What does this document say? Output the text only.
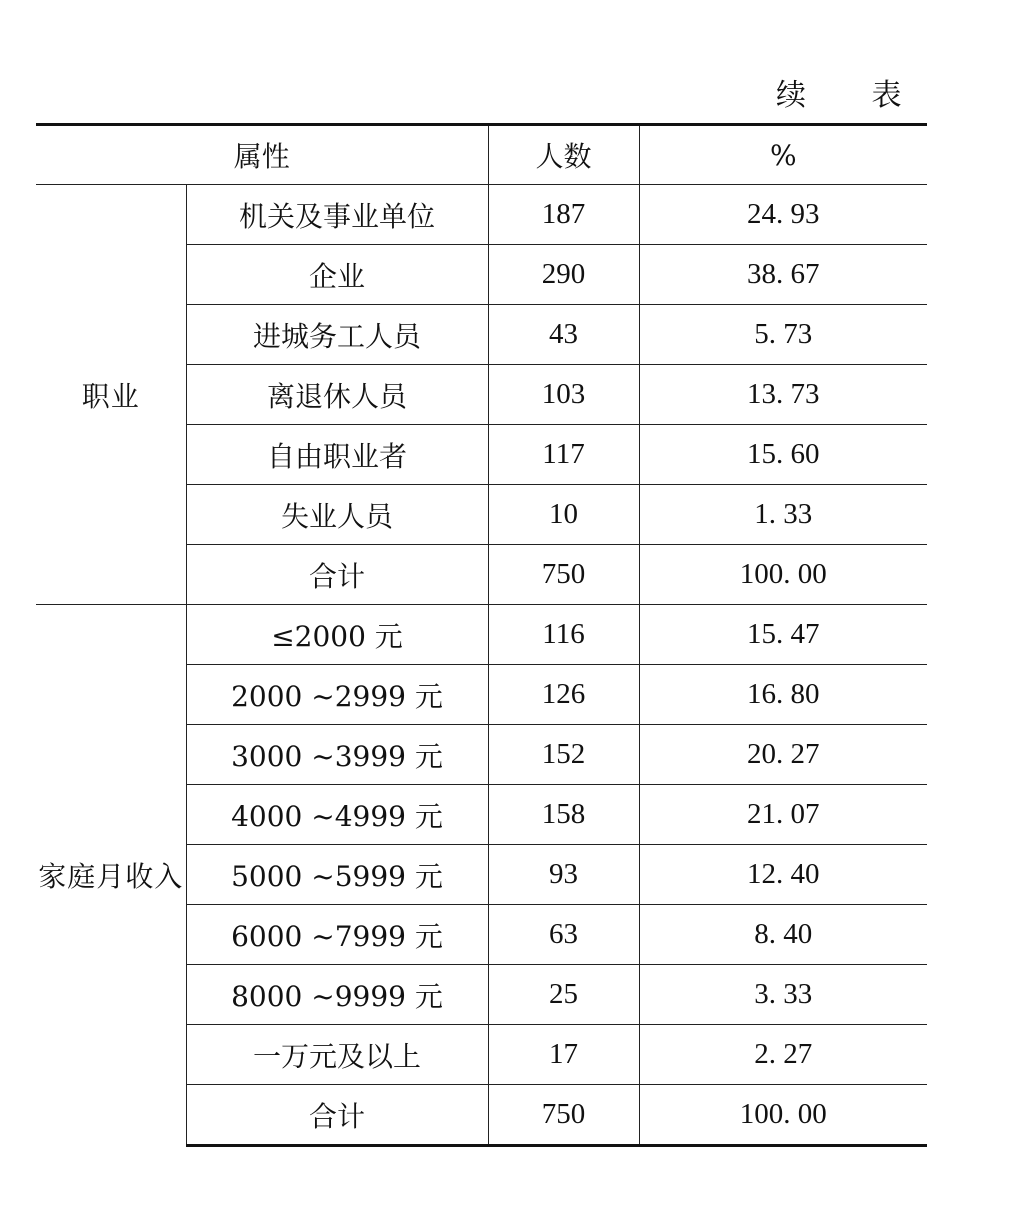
续 表
属性		人数	%
职业	机关及事业单位	187	24. 93
	企业	290	38. 67
	进城务工人员	43	5. 73
	离退休人员	103	13. 73
	自由职业者	117	15. 60
	失业人员	10	1. 33
	合计	750	100. 00
家庭月收入	≤2000 元	116	15. 47
	2000 ~2999 元	126	16. 80
	3000 ~3999 元	152	20. 27
	4000 ~4999 元	158	21. 07
	5000 ~5999 元	93	12. 40
	6000 ~7999 元	63	8. 40
	8000 ~9999 元	25	3. 33
	一万元及以上	17	2. 27
	合计	750	100. 00
